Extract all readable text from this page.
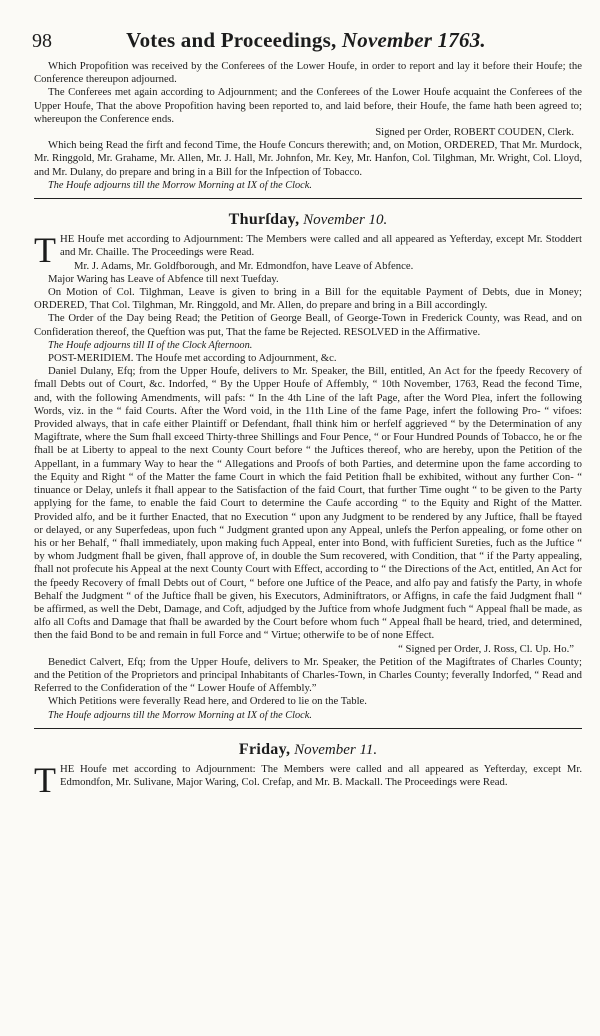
98	Votes and Proceedings, November 1763.

Which Propofition was received by the Conferees of the Lower Houfe, in order to report and lay it before their Houfe; the Conference thereupon adjourned.

The Conferees met again according to Adjournment; and the Conferees of the Lower Houfe acquaint the Conferees of the Upper Houfe, That the above Propofition having been reported to, and laid before, their Houfe, the fame hath been agreed to; whereupon the Conference ends.

Signed per Order, ROBERT COUDEN, Clerk.

Which being Read the firft and fecond Time, the Houfe Concurs therewith; and, on Motion, ORDERED, That Mr. Murdock, Mr. Ringgold, Mr. Grahame, Mr. Allen, Mr. J. Hall, Mr. Johnfon, Mr. Key, Mr. Hanfon, Col. Tilghman, Mr. Wright, Col. Lloyd, and Mr. Dulany, do prepare and bring in a Bill for the Infpection of Tobacco.

The Houfe adjourns till the Morrow Morning at IX of the Clock.

Thurſday, November 10.

THE Houfe met according to Adjournment: The Members were called and all appeared as Yefterday, except Mr. Stoddert and Mr. Chaille. The Proceedings were Read.

Mr. J. Adams, Mr. Goldfborough, and Mr. Edmondfon, have Leave of Abfence.

Major Waring has Leave of Abfence till next Tuefday.

On Motion of Col. Tilghman, Leave is given to bring in a Bill for the equitable Payment of Debts, due in Money; ORDERED, That Col. Tilghman, Mr. Ringgold, and Mr. Allen, do prepare and bring in a Bill accordingly.

The Order of the Day being Read; the Petition of George Beall, of George-Town in Frederick County, was Read, and on Confideration thereof, the Queftion was put, That the fame be Rejected. RESOLVED in the Affirmative.

The Houfe adjourns till II of the Clock Afternoon.

POST-MERIDIEM. The Houfe met according to Adjournment, &c.

Daniel Dulany, Efq; from the Upper Houfe, delivers to Mr. Speaker, the Bill, entitled, An Act for the fpeedy Recovery of fmall Debts out of Court, &c. Indorfed, “ By the Upper Houfe of Affembly, “ 10th November, 1763, Read the fecond Time, and, with the following Amendments, will pafs: “ In the 4th Line of the laft Page, after the Word Plea, infert the following Words, viz. in the “ faid Courts. After the Word void, in the 11th Line of the fame Page, infert the following Pro- “ vifoes: Provided always, that in cafe either Plaintiff or Defendant, fhall think him or herfelf aggrieved “ by the Determination of any Magiftrate, where the Sum fhall exceed Thirty-three Shillings and Four Pence, “ or Four Hundred Pounds of Tobacco, he or fhe fhall be at Liberty to appeal to the next County Court before “ the Juftices thereof, who are hereby, upon the Petition of the Appellant, in a fummary Way to hear the “ Allegations and Proofs of both Parties, and determine upon the fame according to the Equity and Right “ of the Matter the fame Court in which the faid Petition fhall be exhibited, without any further Con- “ tinuance or Delay, unlefs it fhall appear to the Satisfaction of the faid Court, that further Time ought “ to be given to the Party applying for the fame, to enable the faid Court to determine the Caufe according “ to the Equity and Right of the Matter. Provided alfo, and be it further Enacted, that no Execution “ upon any Judgment to be rendered by any Juftice, fhall be ftayed or delayed, or any Superfedeas, upon fuch “ Judgment granted upon any Appeal, unlefs the Perfon appealing, or fome other on his or her Behalf, “ fhall immediately, upon making fuch Appeal, enter into Bond, with fufficient Sureties, fuch as the Juftice “ by whom Judgment fhall be given, fhall approve of, in double the Sum recovered, with Condition, that “ if the Party appealing, fhall not profecute his Appeal at the next County Court with Effect, according to “ the Directions of the Act, entitled, An Act for the fpeedy Recovery of fmall Debts out of Court, “ before one Juftice of the Peace, and alfo pay and fatisfy the Party, in whofe Behalf the Judgment “ of the Juftice fhall be given, his Executors, Adminiftrators, or Affigns, in cafe the faid Judgment fhall “ be affirmed, as well the Debt, Damage, and Coft, adjudged by the Juftice from whofe Judgment fuch “ Appeal fhall be made, as alfo all Cofts and Damage that fhall be awarded by the Court before whom fuch “ Appeal fhall be heard, tried, and determined, then the faid Bond to be and remain in full Force and “ Virtue; otherwife to be of none Effect.

“ Signed per Order, J. Ross, Cl. Up. Ho.”

Benedict Calvert, Efq; from the Upper Houfe, delivers to Mr. Speaker, the Petition of the Magiftrates of Charles County; and the Petition of the Proprietors and principal Inhabitants of Charles-Town, in Charles County; feverally Indorfed, “ Read and Referred to the Confideration of the “ Lower Houfe of Affembly.”

Which Petitions were feverally Read here, and Ordered to lie on the Table.

The Houfe adjourns till the Morrow Morning at IX of the Clock.

Friday, November 11.

THE Houfe met according to Adjournment: The Members were called and all appeared as Yefterday, except Mr. Edmondfon, Mr. Sulivane, Major Waring, Col. Crefap, and Mr. B. Mackall. The Proceedings were Read.
